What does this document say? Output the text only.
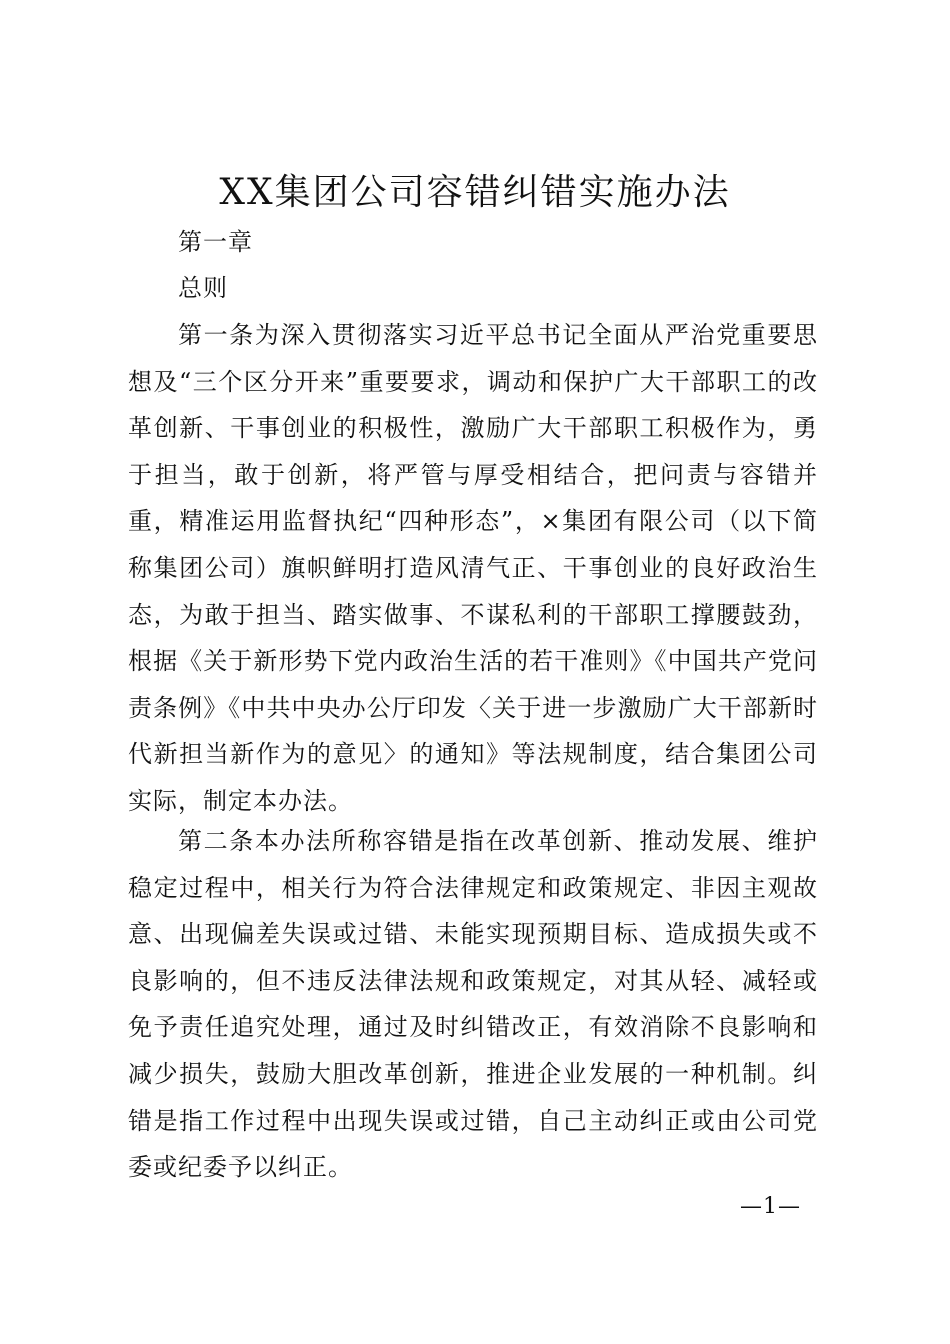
XX集团公司容错纠错实施办法
第一章
总则

第一条为深入贯彻落实习近平总书记全面从严治党重要思想及“三个区分开来”重要要求，调动和保护广大干部职工的改革创新、干事创业的积极性，激励广大干部职工积极作为，勇于担当，敢于创新，将严管与厚受相结合，把问责与容错并重，精准运用监督执纪“四种形态”，×集团有限公司（以下简称集团公司）旗帜鲜明打造风清气正、干事创业的良好政治生态，为敢于担当、踏实做事、不谋私利的干部职工撑腰鼓劲，根据《关于新形势下党内政治生活的若干准则》《中国共产党问责条例》《中共中央办公厅印发〈关于进一步激励广大干部新时代新担当新作为的意见〉的通知》等法规制度，结合集团公司实际，制定本办法。

第二条本办法所称容错是指在改革创新、推动发展、维护稳定过程中，相关行为符合法律规定和政策规定、非因主观故意、出现偏差失误或过错、未能实现预期目标、造成损失或不良影响的，但不违反法律法规和政策规定，对其从轻、减轻或免予责任追究处理，通过及时纠错改正，有效消除不良影响和减少损失，鼓励大胆改革创新，推进企业发展的一种机制。纠错是指工作过程中出现失误或过错，自己主动纠正或由公司党委或纪委予以纠正。

—1—
